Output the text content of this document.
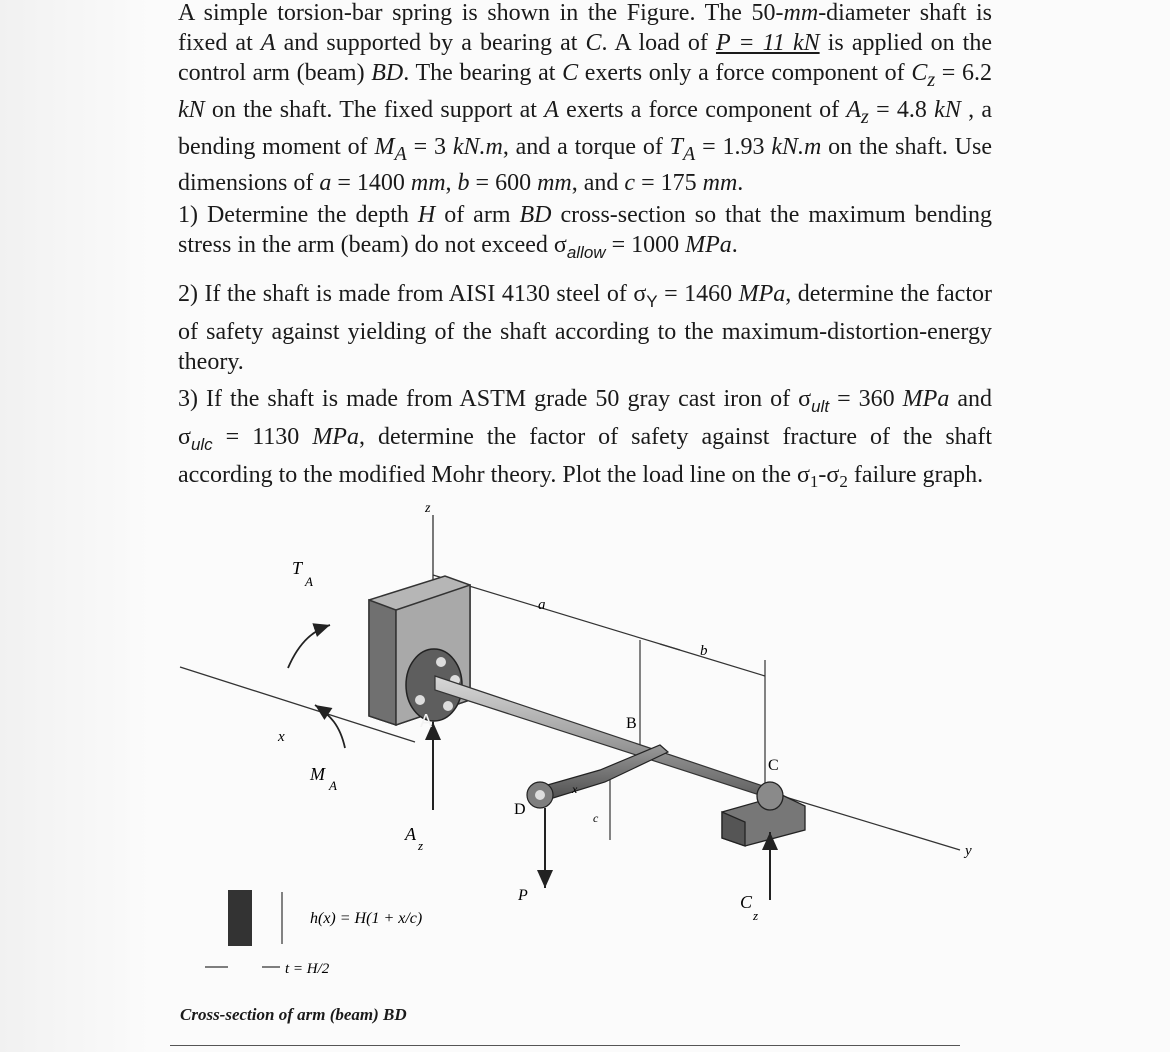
A simple torsion-bar spring is shown in the Figure. The 50-mm-diameter shaft is fixed at A and supported by a bearing at C. A load of P = 11 kN is applied on the control arm (beam) BD. The bearing at C exerts only a force component of $C_z = 6.2$ kN on the shaft. The fixed support at A exerts a force component of $A_z = 4.8$ kN , a bending moment of $M_A = 3$ kN.m, and a torque of $T_A = 1.93$ kN.m on the shaft. Use dimensions of a = 1400 mm, b = 600 mm, and c = 175 mm.

1) Determine the depth H of arm BD cross-section so that the maximum bending stress in the arm (beam) do not exceed $\sigma_{allow} = 1000$ MPa.

2) If the shaft is made from AISI 4130 steel of $\sigma_Y = 1460$ MPa, determine the factor of safety against yielding of the shaft according to the maximum-distortion-energy theory.

3) If the shaft is made from ASTM grade 50 gray cast iron of $\sigma_{ult} = 360$ MPa and $\sigma_{ulc} = 1130$ MPa, determine the factor of safety against fracture of the shaft according to the modified Mohr theory. Plot the load line on the $\sigma_1-\sigma_2$ failure graph.

z
T
A
x
M
A
A
A
z
a
b
B
C
D	c
x
y
P	C
z
h(x) = H(1 + x/c)
t = H/2
Cross-section of arm (beam) BD
